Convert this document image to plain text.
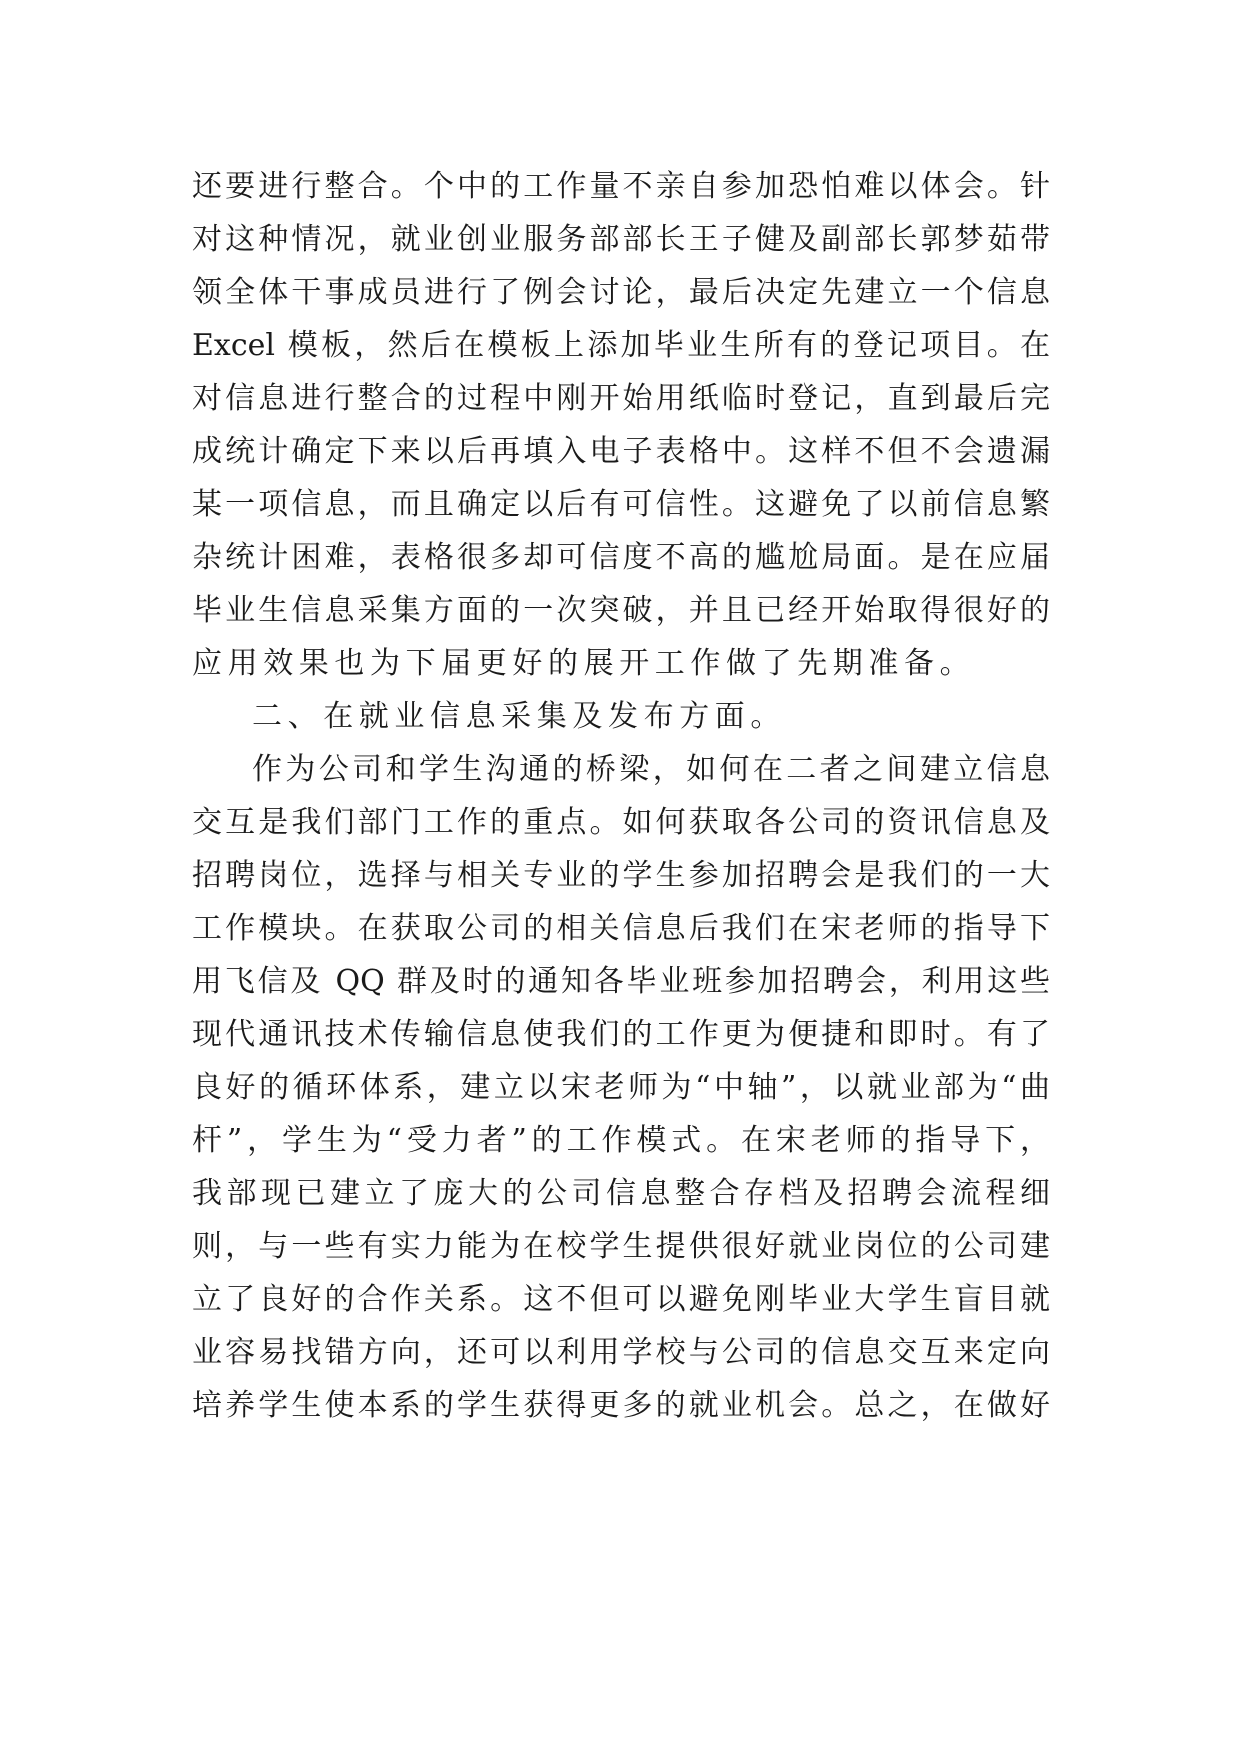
还要进行整合。个中的工作量不亲自参加恐怕难以体会。针
对这种情况，就业创业服务部部长王子健及副部长郭梦茹带
领全体干事成员进行了例会讨论，最后决定先建立一个信息
Excel 模板，然后在模板上添加毕业生所有的登记项目。在
对信息进行整合的过程中刚开始用纸临时登记，直到最后完
成统计确定下来以后再填入电子表格中。这样不但不会遗漏
某一项信息，而且确定以后有可信性。这避免了以前信息繁
杂统计困难，表格很多却可信度不高的尴尬局面。是在应届
毕业生信息采集方面的一次突破，并且已经开始取得很好的
应用效果也为下届更好的展开工作做了先期准备。
二、在就业信息采集及发布方面。
作为公司和学生沟通的桥梁，如何在二者之间建立信息
交互是我们部门工作的重点。如何获取各公司的资讯信息及
招聘岗位，选择与相关专业的学生参加招聘会是我们的一大
工作模块。在获取公司的相关信息后我们在宋老师的指导下
用飞信及 QQ 群及时的通知各毕业班参加招聘会，利用这些
现代通讯技术传输信息使我们的工作更为便捷和即时。有了
良好的循环体系，建立以宋老师为“中轴”，以就业部为“曲
杆”，学生为“受力者”的工作模式。在宋老师的指导下，
我部现已建立了庞大的公司信息整合存档及招聘会流程细
则，与一些有实力能为在校学生提供很好就业岗位的公司建
立了良好的合作关系。这不但可以避免刚毕业大学生盲目就
业容易找错方向，还可以利用学校与公司的信息交互来定向
培养学生使本系的学生获得更多的就业机会。总之，在做好
